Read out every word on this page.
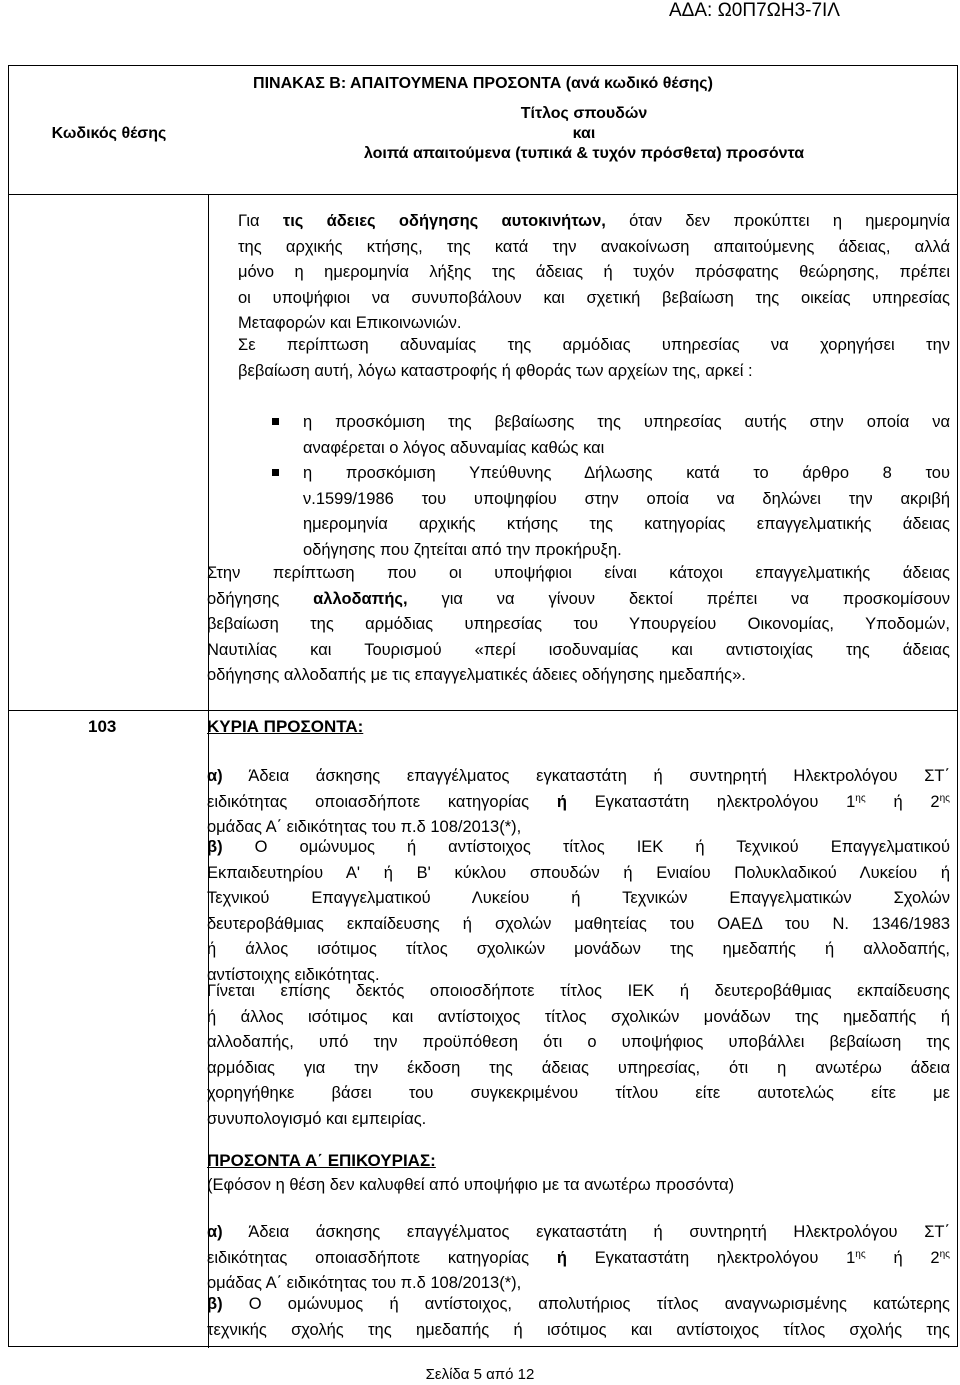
ΑΔΑ: Ω0Π7ΩΗ3-7ΙΛ
ΠΙΝΑΚΑΣ Β: ΑΠΑΙΤΟΥΜΕΝΑ ΠΡΟΣΟΝΤΑ (ανά κωδικό θέσης)
Κωδικός θέσης
Τίτλος σπουδών
και
λοιπά απαιτούμενα (τυπικά & τυχόν πρόσθετα) προσόντα
Για τις άδειες οδήγησης αυτοκινήτων, όταν δεν προκύπτει η ημερομηνία
της αρχικής κτήσης, της κατά την ανακοίνωση απαιτούμενης άδειας, αλλά
μόνο η ημερομηνία λήξης της άδειας ή τυχόν πρόσφατης θεώρησης, πρέπει
οι υποψήφιοι να συνυποβάλουν και σχετική βεβαίωση της οικείας υπηρεσίας
Μεταφορών και Επικοινωνιών.
Σε περίπτωση αδυναμίας της αρμόδιας υπηρεσίας να χορηγήσει την
βεβαίωση αυτή, λόγω καταστροφής ή φθοράς των αρχείων της, αρκεί :
η προσκόμιση της βεβαίωσης της υπηρεσίας αυτής στην οποία να
αναφέρεται ο λόγος αδυναμίας καθώς και
η προσκόμιση Υπεύθυνης Δήλωσης κατά το άρθρο 8 του
ν.1599/1986 του υποψηφίου στην οποία να δηλώνει την ακριβή
ημερομηνία αρχικής κτήσης της κατηγορίας επαγγελματικής άδειας
οδήγησης που ζητείται από την προκήρυξη.
Στην περίπτωση που οι υποψήφιοι είναι κάτοχοι επαγγελματικής άδειας
οδήγησης αλλοδαπής, για να γίνουν δεκτοί πρέπει να προσκομίσουν
βεβαίωση της αρμόδιας υπηρεσίας του Υπουργείου Οικονομίας, Υποδομών,
Ναυτιλίας και Τουρισμού «περί ισοδυναμίας και αντιστοιχίας της άδειας
οδήγησης αλλοδαπής με τις επαγγελματικές άδειες οδήγησης ημεδαπής».
103	ΚΥΡΙΑ ΠΡΟΣΟΝΤΑ:
α) Άδεια άσκησης επαγγέλματος εγκαταστάτη ή συντηρητή Ηλεκτρολόγου ΣΤ΄
ειδικότητας οποιασδήποτε κατηγορίας ή Εγκαταστάτη ηλεκτρολόγου $1^{\eta\varsigma}$ ή $2^{\eta\varsigma}$
ομάδας Α΄ ειδικότητας του π.δ 108/2013(*),
β) Ο ομώνυμος ή αντίστοιχος τίτλος ΙΕΚ ή Τεχνικού Επαγγελματικού
Εκπαιδευτηρίου Α' ή Β' κύκλου σπουδών ή Ενιαίου Πολυκλαδικού Λυκείου ή
Τεχνικού Επαγγελματικού Λυκείου ή Τεχνικών Επαγγελματικών Σχολών
δευτεροβάθμιας εκπαίδευσης ή σχολών μαθητείας του ΟΑΕΔ του Ν. 1346/1983
ή άλλος ισότιμος τίτλος σχολικών μονάδων της ημεδαπής ή αλλοδαπής,
αντίστοιχης ειδικότητας.
Γίνεται επίσης δεκτός οποιοσδήποτε τίτλος ΙΕΚ ή δευτεροβάθμιας εκπαίδευσης
ή άλλος ισότιμος και αντίστοιχος τίτλος σχολικών μονάδων της ημεδαπής ή
αλλοδαπής, υπό την προϋπόθεση ότι ο υποψήφιος υποβάλλει βεβαίωση της
αρμόδιας για την έκδοση της άδειας υπηρεσίας, ότι η ανωτέρω άδεια
χορηγήθηκε βάσει του συγκεκριμένου τίτλου είτε αυτοτελώς είτε με
συνυπολογισμό και εμπειρίας.
ΠΡΟΣΟΝΤΑ Α΄ ΕΠΙΚΟΥΡΙΑΣ:
(Εφόσον η θέση δεν καλυφθεί από υποψήφιο με τα ανωτέρω προσόντα)
α) Άδεια άσκησης επαγγέλματος εγκαταστάτη ή συντηρητή Ηλεκτρολόγου ΣΤ΄
ειδικότητας οποιασδήποτε κατηγορίας ή Εγκαταστάτη ηλεκτρολόγου $1^{\eta\varsigma}$ ή $2^{\eta\varsigma}$
ομάδας Α΄ ειδικότητας του π.δ 108/2013(*),
β) Ο ομώνυμος ή αντίστοιχος, απολυτήριος τίτλος αναγνωρισμένης κατώτερης
τεχνικής σχολής της ημεδαπής ή ισότιμος και αντίστοιχος τίτλος σχολής της
Σελίδα 5 από 12
